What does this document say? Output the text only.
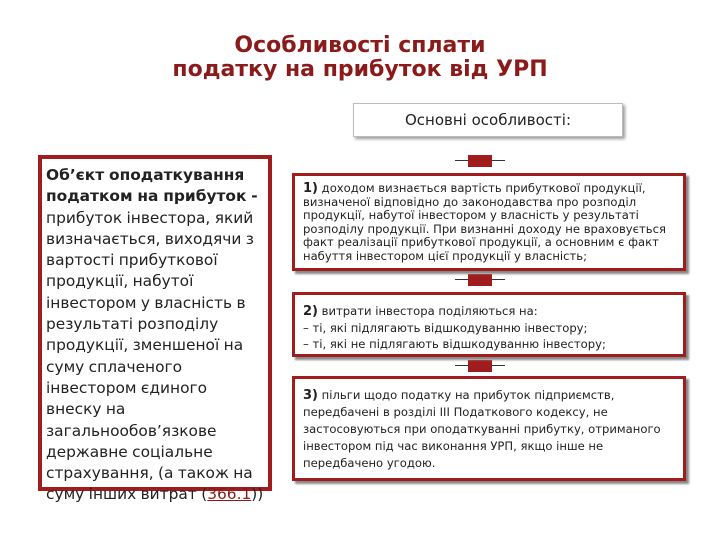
Особливості сплати
податку на прибуток від УРП
Основні особливості:
Об’єкт оподаткування податком на прибуток - прибуток інвестора, який визначається, виходячи з вартості прибуткової продукції, набутої інвестором у власність в результаті розподілу продукції, зменшеної на суму сплаченого інвестором єдиного внеску на загальнообов’язкове державне соціальне страхування, (а також на суму інших витрат (366.1))
1) доходом визнається вартість прибуткової продукції, визначеної відповідно до законодавства про розподіл продукції, набутої інвестором у власність у результаті розподілу продукції. При визнанні доходу не враховується факт реалізації прибуткової продукції, а основним є факт набуття інвестором цієї продукції у власність;
2) витрати інвестора поділяються на:
– ті, які підлягають відшкодуванню інвестору;
– ті, які не підлягають відшкодуванню інвестору;
3) пільги щодо податку на прибуток підприємств, передбачені в розділі III Податкового кодексу, не застосовуються при оподаткуванні прибутку, отриманого інвестором під час виконання УРП, якщо інше не передбачено угодою.
